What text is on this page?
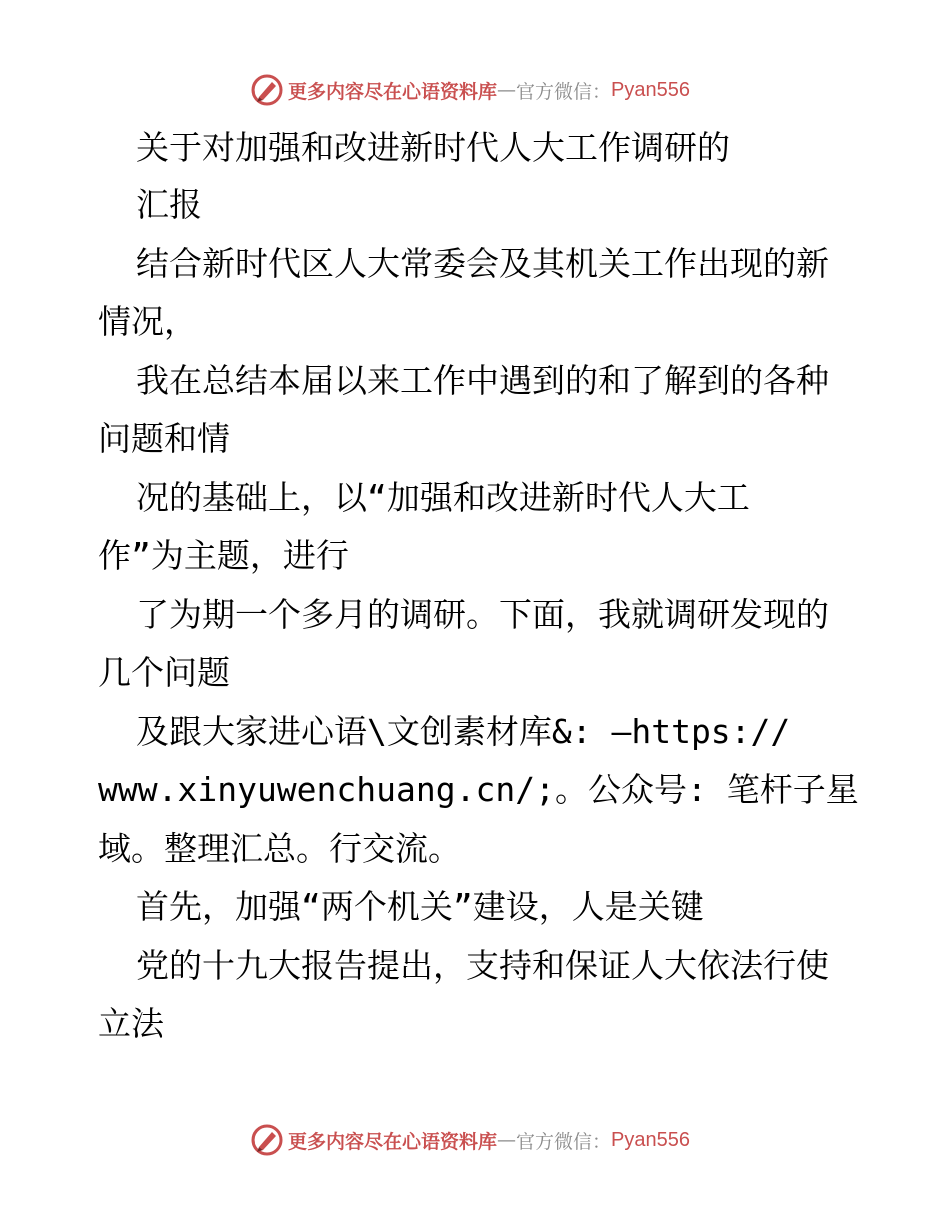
更多内容尽在心语资料库 — 官方微信： Pyan556
关于对加强和改进新时代人大工作调研的
汇报
结合新时代区人大常委会及其机关工作出现的新
情况，
我在总结本届以来工作中遇到的和了解到的各种
问题和情
况的基础上，以“加强和改进新时代人大工
作”为主题，进行
了为期一个多月的调研。下面，我就调研发现的
几个问题
及跟大家进心语\文创素材库&: —https://
www.xinyuwenchuang.cn/;。公众号: 笔杆子星
域。整理汇总。行交流。
首先，加强“两个机关”建设，人是关键
党的十九大报告提出，支持和保证人大依法行使
立法
更多内容尽在心语资料库 — 官方微信： Pyan556
